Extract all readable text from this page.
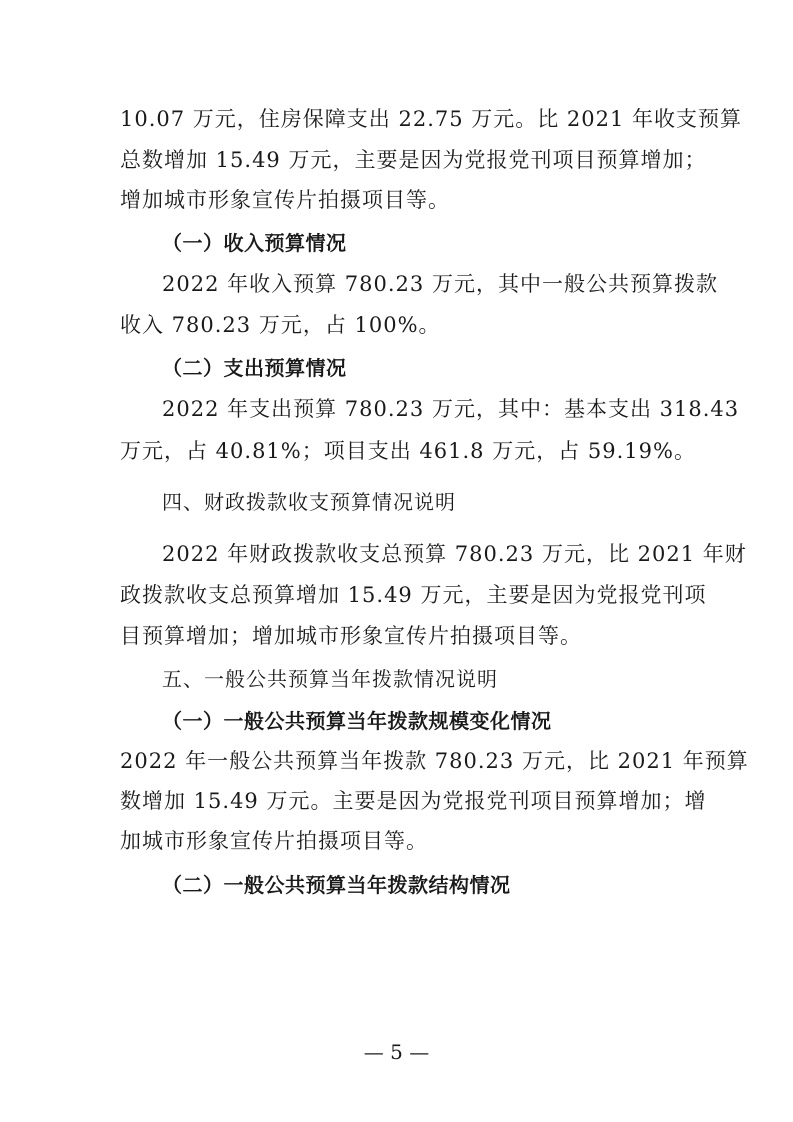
10.07 万元，住房保障支出 22.75 万元。比 2021 年收支预算
总数增加 15.49 万元，主要是因为党报党刊项目预算增加；
增加城市形象宣传片拍摄项目等。
（一）收入预算情况
2022 年收入预算 780.23 万元，其中一般公共预算拨款
收入 780.23 万元，占 100%。
（二）支出预算情况
2022 年支出预算 780.23 万元，其中：基本支出 318.43
万元，占 40.81%；项目支出 461.8 万元，占 59.19%。
四、财政拨款收支预算情况说明
2022 年财政拨款收支总预算 780.23 万元，比 2021 年财
政拨款收支总预算增加 15.49 万元，主要是因为党报党刊项
目预算增加；增加城市形象宣传片拍摄项目等。
五、一般公共预算当年拨款情况说明
（一）一般公共预算当年拨款规模变化情况
2022 年一般公共预算当年拨款 780.23 万元，比 2021 年预算
数增加 15.49 万元。主要是因为党报党刊项目预算增加；增
加城市形象宣传片拍摄项目等。
（二）一般公共预算当年拨款结构情况
— 5 —
